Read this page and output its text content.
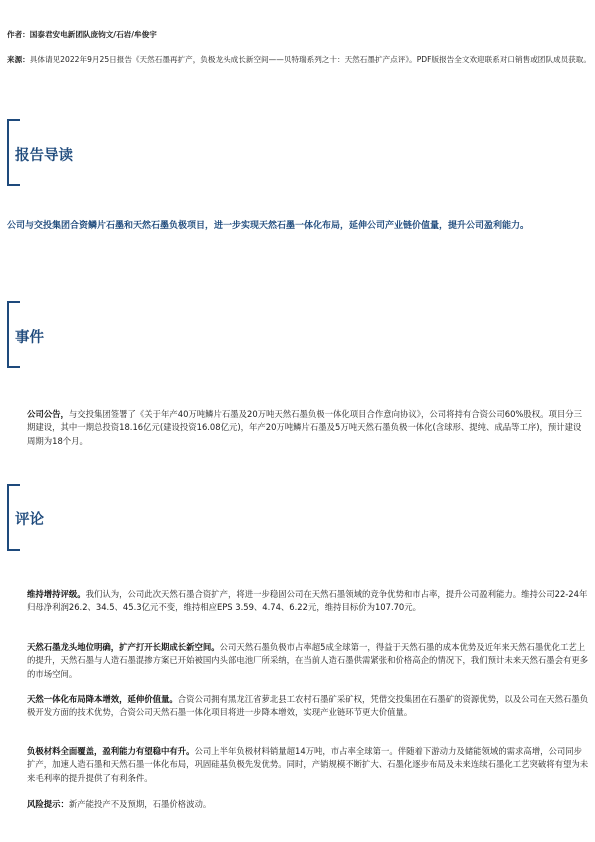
作者：国泰君安电新团队庞钧文/石岩/牟俊宇
来源：具体请见2022年9月25日报告《天然石墨再扩产，负极龙头成长新空间——贝特瑞系列之十：天然石墨扩产点评》。PDF版报告全文欢迎联系对口销售或团队成员获取。
报告导读
公司与交投集团合资鳞片石墨和天然石墨负极项目，进一步实现天然石墨一体化布局，延伸公司产业链价值量，提升公司盈利能力。
事件
公司公告，与交投集团签署了《关于年产40万吨鳞片石墨及20万吨天然石墨负极一体化项目合作意向协议》，公司将持有合资公司60%股权。项目分三期建设，其中一期总投资18.16亿元(建设投资16.08亿元)，年产20万吨鳞片石墨及5万吨天然石墨负极一体化(含球形、提纯、成品等工序)，预计建设周期为18个月。
评论
维持增持评级。我们认为，公司此次天然石墨合资扩产，将进一步稳固公司在天然石墨领域的竞争优势和市占率，提升公司盈利能力。维持公司22-24年归母净利润26.2、34.5、45.3亿元不变，维持相应EPS 3.59、4.74、6.22元，维持目标价为107.70元。
天然石墨龙头地位明确，扩产打开长期成长新空间。公司天然石墨负极市占率超5成全球第一，得益于天然石墨的成本优势及近年来天然石墨优化工艺上的提升，天然石墨与人造石墨混掺方案已开始被国内头部电池厂所采纳，在当前人造石墨供需紧张和价格高企的情况下，我们预计未来天然石墨会有更多的市场空间。
天然一体化布局降本增效，延伸价值量。合资公司拥有黑龙江省萝北县工农村石墨矿采矿权，凭借交投集团在石墨矿的资源优势，以及公司在天然石墨负极开发方面的技术优势，合资公司天然石墨一体化项目将进一步降本增效，实现产业链环节更大价值量。
负极材料全面覆盖，盈利能力有望稳中有升。公司上半年负极材料销量超14万吨，市占率全球第一。伴随着下游动力及储能领域的需求高增，公司同步扩产，加速人造石墨和天然石墨一体化布局，巩固硅基负极先发优势。同时，产销规模不断扩大、石墨化逐步布局及未来连续石墨化工艺突破将有望为未来毛利率的提升提供了有利条件。
风险提示：新产能投产不及预期，石墨价格波动。
